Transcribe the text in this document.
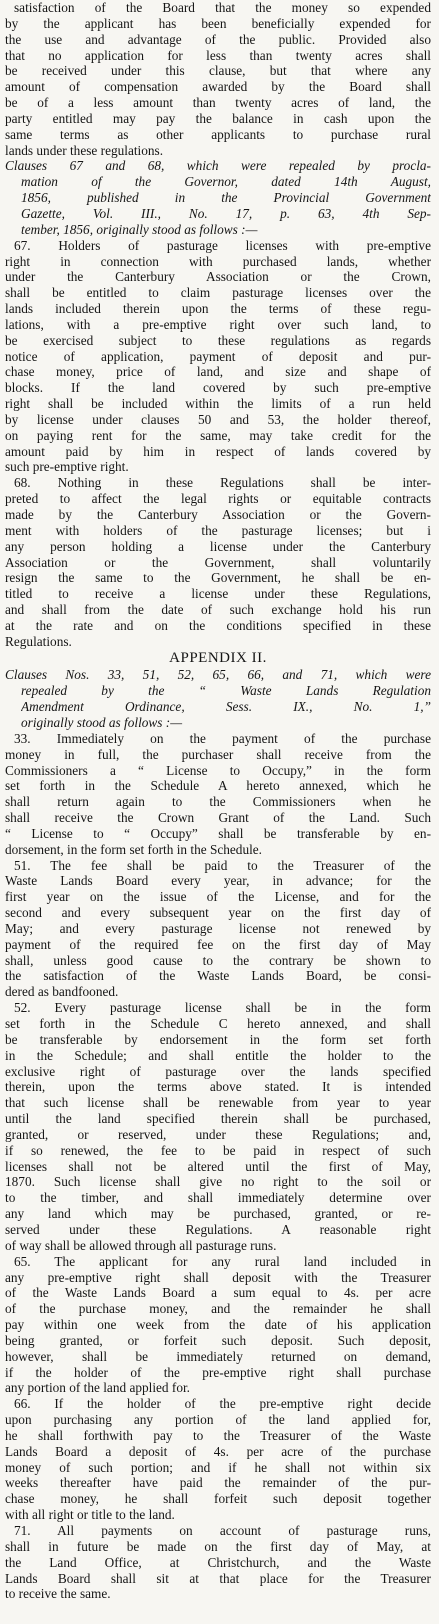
satisfaction of the Board that the money so expended
by the applicant has been beneficially expended for
the use and advantage of the public. Provided also
that no application for less than twenty acres shall
be received under this clause, but that where any
amount of compensation awarded by the Board shall
be of a less amount than twenty acres of land, the
party entitled may pay the balance in cash upon the
same terms as other applicants to purchase rural
lands under these regulations.
Clauses 67 and 68, which were repealed by procla-
mation of the Governor, dated 14th August,
1856, published in the Provincial Government
Gazette, Vol. III., No. 17, p. 63, 4th Sep-
tember, 1856, originally stood as follows :—
67. Holders of pasturage licenses with pre-emptive
right in connection with purchased lands, whether
under the Canterbury Association or the Crown,
shall be entitled to claim pasturage licenses over the
lands included therein upon the terms of these regu-
lations, with a pre-emptive right over such land, to
be exercised subject to these regulations as regards
notice of application, payment of deposit and pur-
chase money, price of land, and size and shape of
blocks. If the land covered by such pre-emptive
right shall be included within the limits of a run held
by license under clauses 50 and 53, the holder thereof,
on paying rent for the same, may take credit for the
amount paid by him in respect of lands covered by
such pre-emptive right.
68. Nothing in these Regulations shall be inter-
preted to affect the legal rights or equitable contracts
made by the Canterbury Association or the Govern-
ment with holders of the pasturage licenses; but i
any person holding a license under the Canterbury
Association or the Government, shall voluntarily
resign the same to the Government, he shall be en-
titled to receive a license under these Regulations,
and shall from the date of such exchange hold his run
at the rate and on the conditions specified in these
Regulations.
APPENDIX II.
Clauses Nos. 33, 51, 52, 65, 66, and 71, which were
repealed by the “ Waste Lands Regulation
Amendment Ordinance, Sess. IX., No. 1,”
originally stood as follows :—
33. Immediately on the payment of the purchase
money in full, the purchaser shall receive from the
Commissioners a “ License to Occupy,” in the form
set forth in the Schedule A hereto annexed, which he
shall return again to the Commissioners when he
shall receive the Crown Grant of the Land. Such
“ License to “ Occupy” shall be transferable by en-
dorsement, in the form set forth in the Schedule.
51. The fee shall be paid to the Treasurer of the
Waste Lands Board every year, in advance; for the
first year on the issue of the License, and for the
second and every subsequent year on the first day of
May; and every pasturage license not renewed by
payment of the required fee on the first day of May
shall, unless good cause to the contrary be shown to
the satisfaction of the Waste Lands Board, be consi-
dered as bandfooned.
52. Every pasturage license shall be in the form
set forth in the Schedule C hereto annexed, and shall
be transferable by endorsement in the form set forth
in the Schedule; and shall entitle the holder to the
exclusive right of pasturage over the lands specified
therein, upon the terms above stated. It is intended
that such license shall be renewable from year to year
until the land specified therein shall be purchased,
granted, or reserved, under these Regulations; and,
if so renewed, the fee to be paid in respect of such
licenses shall not be altered until the first of May,
1870. Such license shall give no right to the soil or
to the timber, and shall immediately determine over
any land which may be purchased, granted, or re-
served under these Regulations. A reasonable right
of way shall be allowed through all pasturage runs.
65. The applicant for any rural land included in
any pre-emptive right shall deposit with the Treasurer
of the Waste Lands Board a sum equal to 4s. per acre
of the purchase money, and the remainder he shall
pay within one week from the date of his application
being granted, or forfeit such deposit. Such deposit,
however, shall be immediately returned on demand,
if the holder of the pre-emptive right shall purchase
any portion of the land applied for.
66. If the holder of the pre-emptive right decide
upon purchasing any portion of the land applied for,
he shall forthwith pay to the Treasurer of the Waste
Lands Board a deposit of 4s. per acre of the purchase
money of such portion; and if he shall not within six
weeks thereafter have paid the remainder of the pur-
chase money, he shall forfeit such deposit together
with all right or title to the land.
71. All payments on account of pasturage runs,
shall in future be made on the first day of May, at
the Land Office, at Christchurch, and the Waste
Lands Board shall sit at that place for the Treasurer
to receive the same.
